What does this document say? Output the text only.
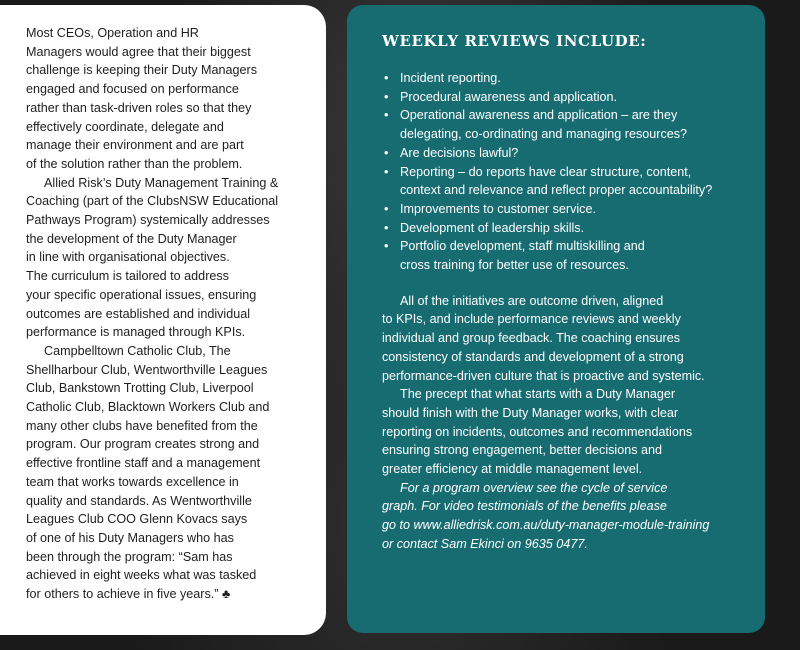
Most CEOs, Operation and HR

Managers would agree that their biggest

challenge is keeping their Duty Managers

engaged and focused on performance

rather than task-driven roles so that they

effectively coordinate, delegate and

manage their environment and are part

of the solution rather than the problem.

Allied Risk’s Duty Management Training &

Coaching (part of the ClubsNSW Educational

Pathways Program) systemically addresses

the development of the Duty Manager

in line with organisational objectives.

The curriculum is tailored to address

your specific operational issues, ensuring

outcomes are established and individual

performance is managed through KPIs.

Campbelltown Catholic Club, The

Shellharbour Club, Wentworthville Leagues

Club, Bankstown Trotting Club, Liverpool

Catholic Club, Blacktown Workers Club and

many other clubs have benefited from the

program. Our program creates strong and

effective frontline staff and a management

team that works towards excellence in

quality and standards. As Wentworthville

Leagues Club COO Glenn Kovacs says

of one of his Duty Managers who has

been through the program: “Sam has

achieved in eight weeks what was tasked

for others to achieve in five years.” ♣

WEEKLY REVIEWS INCLUDE:
• Incident reporting.
• Procedural awareness and application.
• Operational awareness and application – are they
delegating, co-ordinating and managing resources?
• Are decisions lawful?
• Reporting – do reports have clear structure, content,
context and relevance and reflect proper accountability?
• Improvements to customer service.
• Development of leadership skills.
• Portfolio development, staff multiskilling and
cross training for better use of resources.

All of the initiatives are outcome driven, aligned

to KPIs, and include performance reviews and weekly

individual and group feedback. The coaching ensures

consistency of standards and development of a strong

performance-driven culture that is proactive and systemic.

The precept that what starts with a Duty Manager

should finish with the Duty Manager works, with clear

reporting on incidents, outcomes and recommendations

ensuring strong engagement, better decisions and

greater efficiency at middle management level.

For a program overview see the cycle of service

graph. For video testimonials of the benefits please

go to www.alliedrisk.com.au/duty-manager-module-training

or contact Sam Ekinci on 9635 0477.
